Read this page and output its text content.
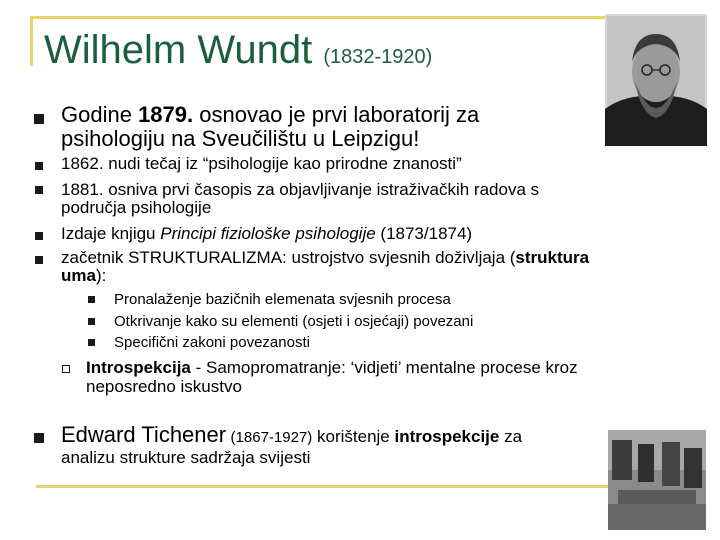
Wilhelm Wundt (1832-1920)
Godine 1879. osnovao je prvi laboratorij za psihologiju na Sveučilištu u Leipzigu!
1862. nudi tečaj iz “psihologije kao prirodne znanosti”
1881. osniva prvi časopis za objavljivanje istraživačkih radova s područja psihologije
Izdaje knjigu Principi fiziološke psihologije (1873/1874)
začetnik STRUKTURALIZMA: ustrojstvo svjesnih doživljaja (struktura uma):
Pronalaženje bazičnih elemenata svjesnih procesa
Otkrivanje kako su elementi (osjeti i osjećaji) povezani
Specifični zakoni povezanosti
Introspekcija - Samopromatranje: ‘vidjeti’ mentalne procese kroz neposredno iskustvo
Edward Tichener (1867-1927) korištenje introspekcije za
analizu strukture sadržaja svijesti
